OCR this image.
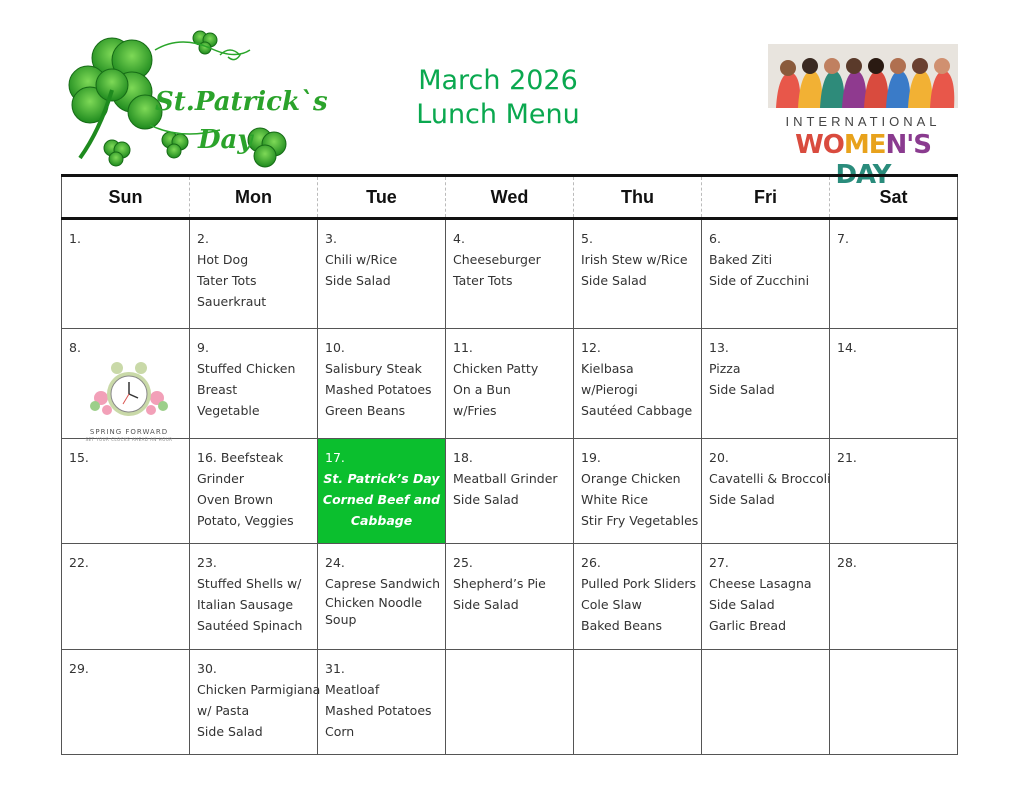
St.Patrick`s
Day

March 2026

Lunch Menu	INTERNATIONAL
WOMEN'S DAY
Sun	Mon	Tue	Wed	Thu	Fri	Sat

1.	2.
Hot Dog
Tater Tots
Sauerkraut	3.
Chili w/Rice
Side Salad	4.
Cheeseburger
Tater Tots	5.
Irish Stew w/Rice
Side Salad	6.
Baked Ziti
Side of Zucchini	7.

8.
SPRING FORWARD
SET YOUR CLOCKS AHEAD AN HOUR	9.
Stuffed Chicken
Breast
Vegetable	10.
Salisbury Steak
Mashed Potatoes
Green Beans	11.
Chicken Patty
On a Bun
w/Fries	12.
Kielbasa
w/Pierogi
Sautéed Cabbage	13.
Pizza
Side Salad	14.

15.	16. Beefsteak
Grinder
Oven Brown
Potato, Veggies	17.
St. Patrick’s Day
Corned Beef and
Cabbage	18.
Meatball Grinder
Side Salad	19.
Orange Chicken
White Rice
Stir Fry Vegetables	20.
Cavatelli & Broccoli
Side Salad	21.

22.	23.
Stuffed Shells w/
Italian Sausage
Sautéed Spinach	24.
Caprese Sandwich
Chicken Noodle Soup	25.
Shepherd’s Pie
Side Salad	26.
Pulled Pork Sliders
Cole Slaw
Baked Beans	27.
Cheese Lasagna
Side Salad
Garlic Bread	28.

29.	30.
Chicken Parmigiana
w/ Pasta
Side Salad	31.
Meatloaf
Mashed Potatoes
Corn				
